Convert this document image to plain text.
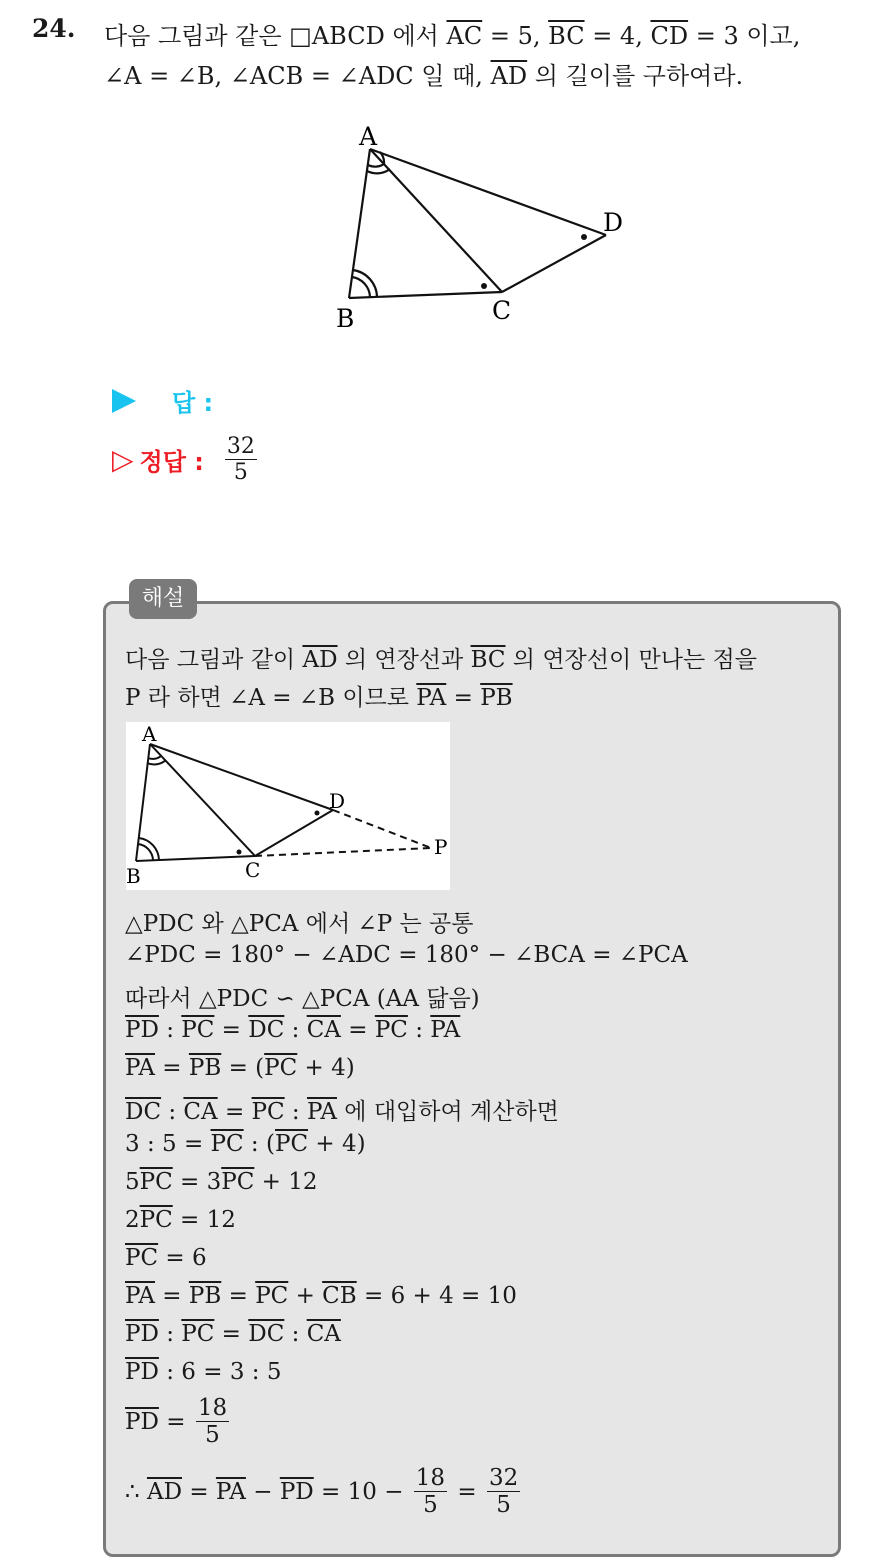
24. 다음 그림과 같은 □ABCD 에서 $\overline{AC} = 5$, $\overline{BC} = 4$, $\overline{CD} = 3$ 이고,
∠A = ∠B, ∠ACB = ∠ADC 일 때, $\overline{AD}$ 의 길이를 구하여라.
A
B	C
D
답 :
▷ 정답 : $\frac{32}{5}$
해설
다음 그림과 같이 $\overline{AD}$ 의 연장선과 $\overline{BC}$ 의 연장선이 만나는 점을
P 라 하면 ∠A = ∠B 이므로 $\overline{PA} = \overline{PB}$
A
B	C
D
P
△PDC 와 △PCA 에서 ∠P 는 공통
∠PDC = 180° − ∠ADC = 180° − ∠BCA = ∠PCA
따라서 △PDC ∽ △PCA (AA 닮음)
$\overline{PD}$ : $\overline{PC} = \overline{DC}$ : $\overline{CA} = \overline{PC}$ : $\overline{PA}$
$\overline{PA} = \overline{PB} = (\overline{PC} + 4)$
$\overline{DC}$ : $\overline{CA} = \overline{PC}$ : $\overline{PA}$ 에 대입하여 계산하면
3 : $5 = \overline{PC}$ : $(\overline{PC} + 4)$
$5\overline{PC} = 3\overline{PC} + 12$
$2\overline{PC} = 12$
$\overline{PC} = 6$
$\overline{PA} = \overline{PB} = \overline{PC} + \overline{CB} = 6 + 4 = 10$
$\overline{PD}$ : $\overline{PC} = \overline{DC}$ : $\overline{CA}$
$\overline{PD}$ : 6 = 3 : 5
$\overline{PD} = \frac{18}{5}$
∴ $\overline{AD} = \overline{PA} - \overline{PD} = 10 - \frac{18}{5} = \frac{32}{5}$
